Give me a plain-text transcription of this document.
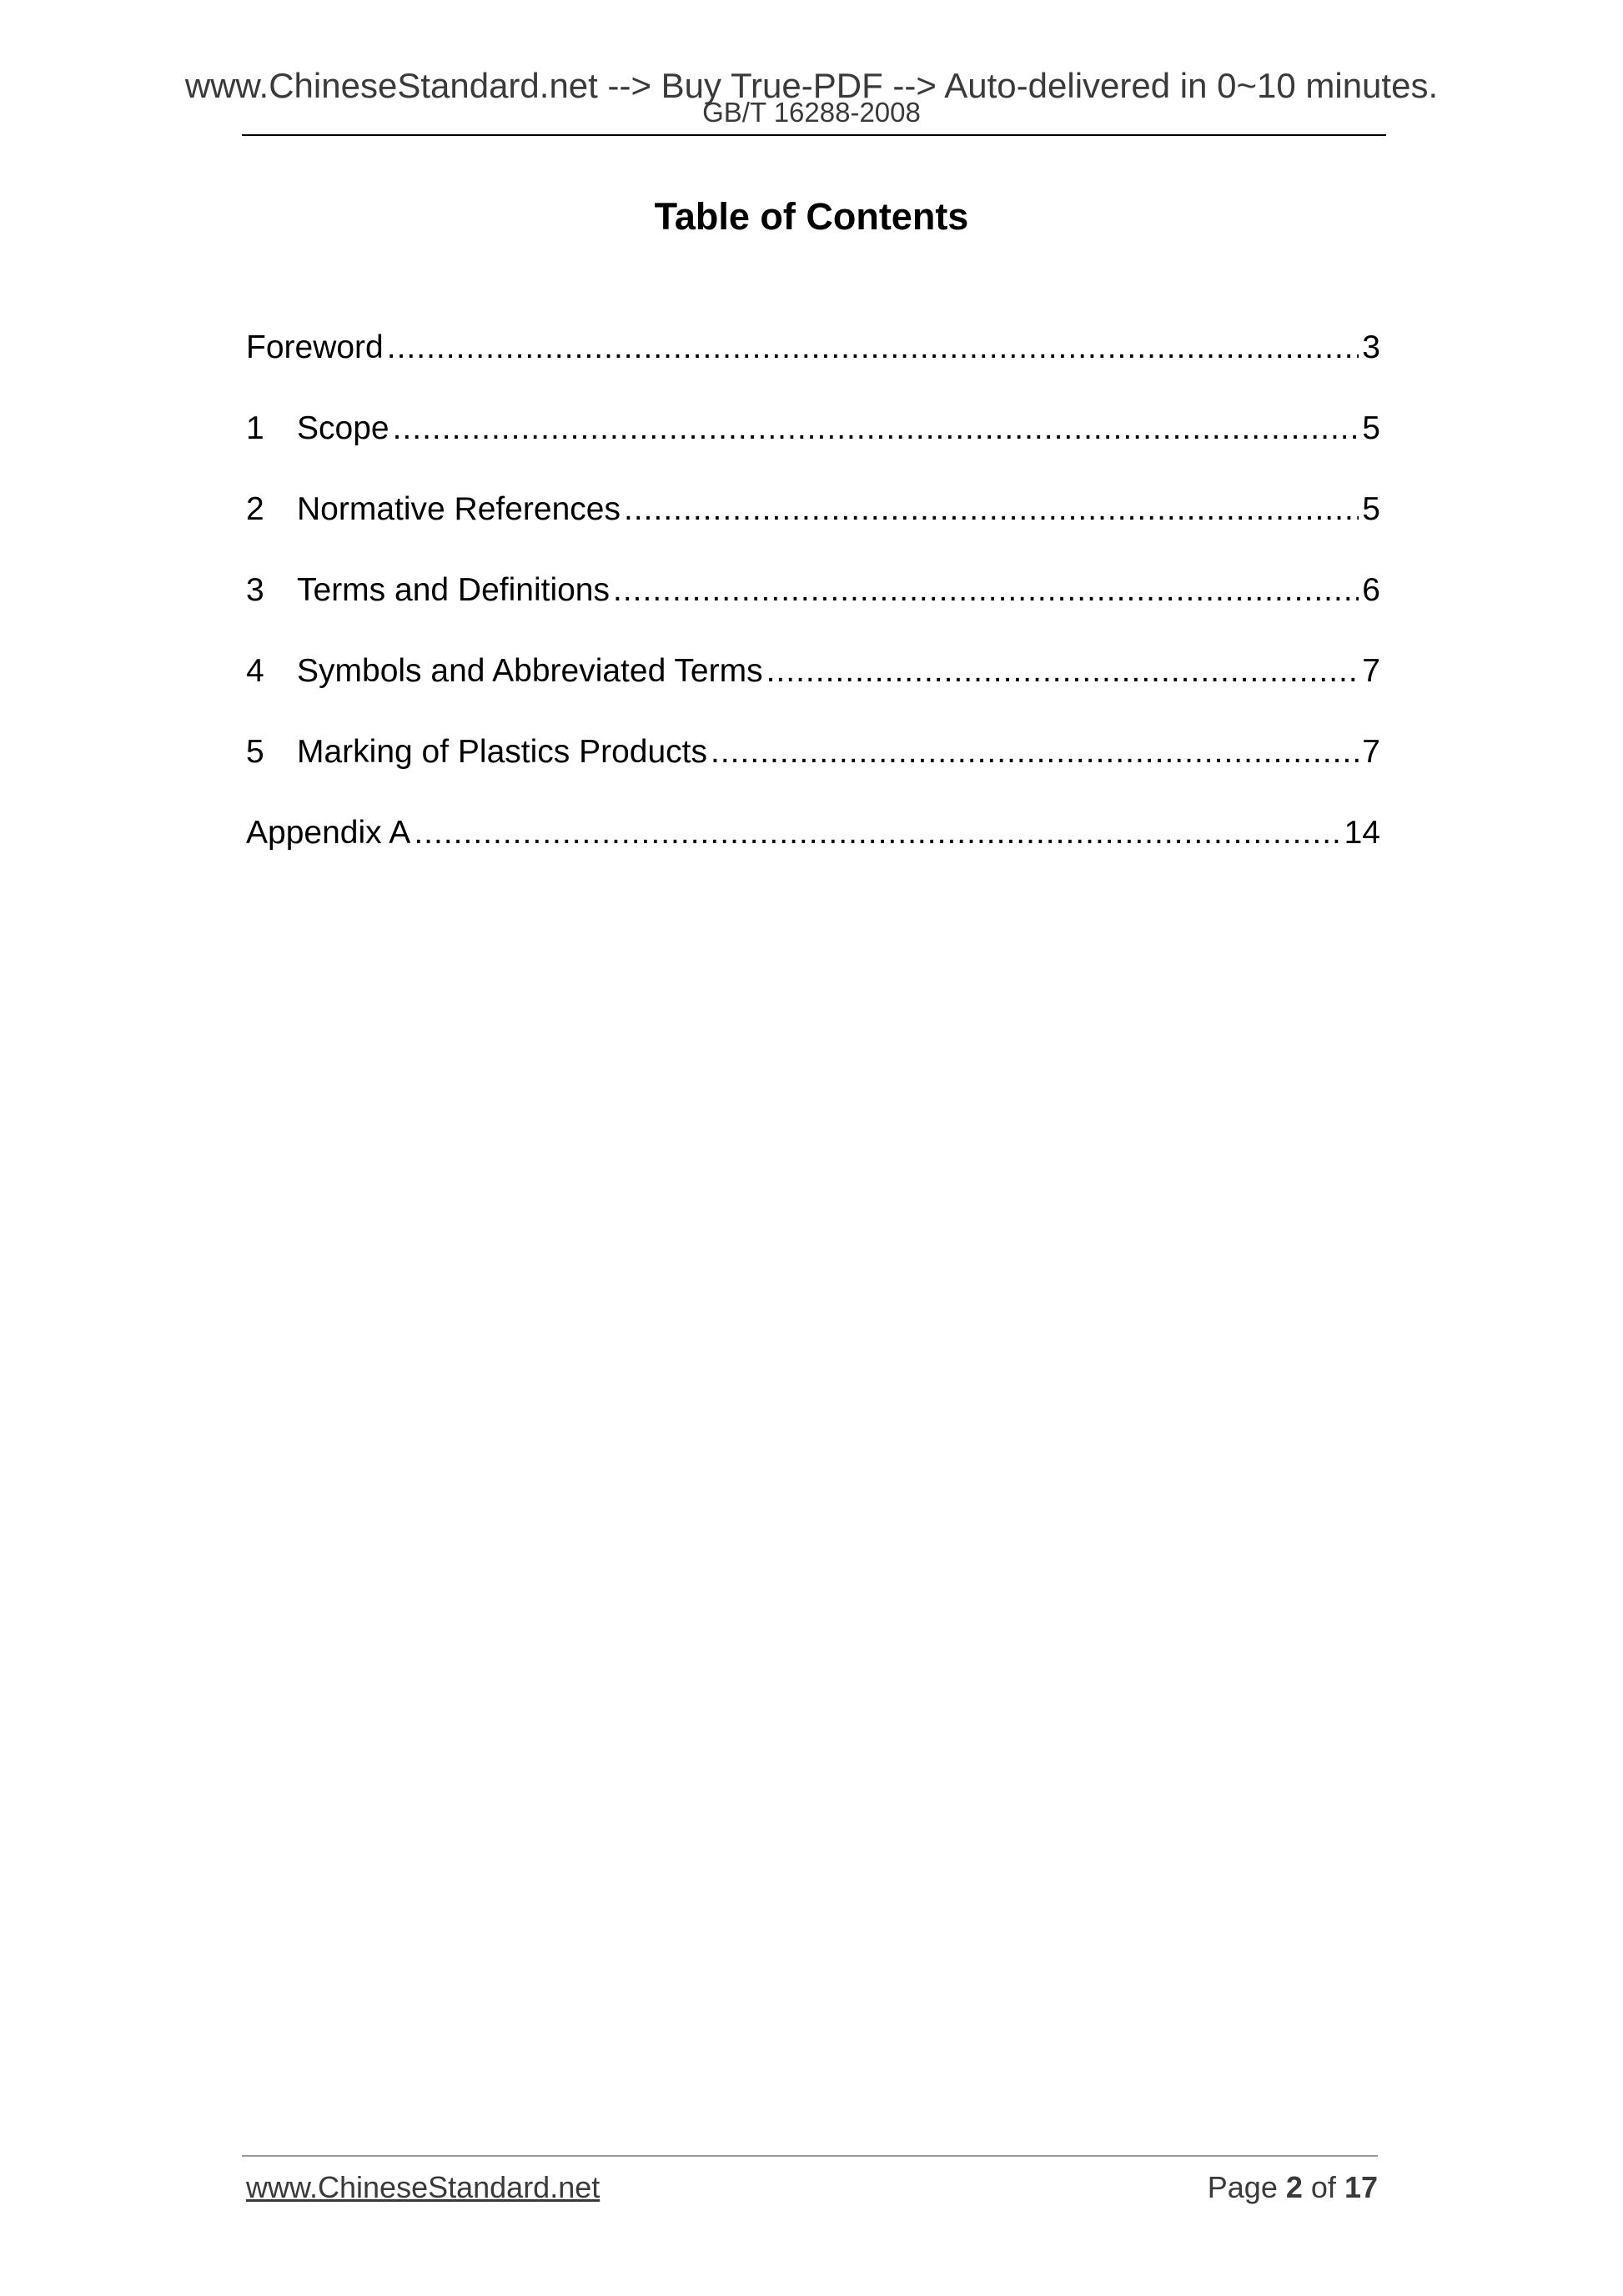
www.ChineseStandard.net --> Buy True-PDF --> Auto-delivered in 0~10 minutes.
GB/T 16288-2008
Table of Contents
Foreword .....	3
1	Scope .....	5
2	Normative References .....	5
3	Terms and Definitions .....	6
4	Symbols and Abbreviated Terms .....	7
5	Marking of Plastics Products .....	7
Appendix A .....	14
www.ChineseStandard.net	Page 2 of 17
